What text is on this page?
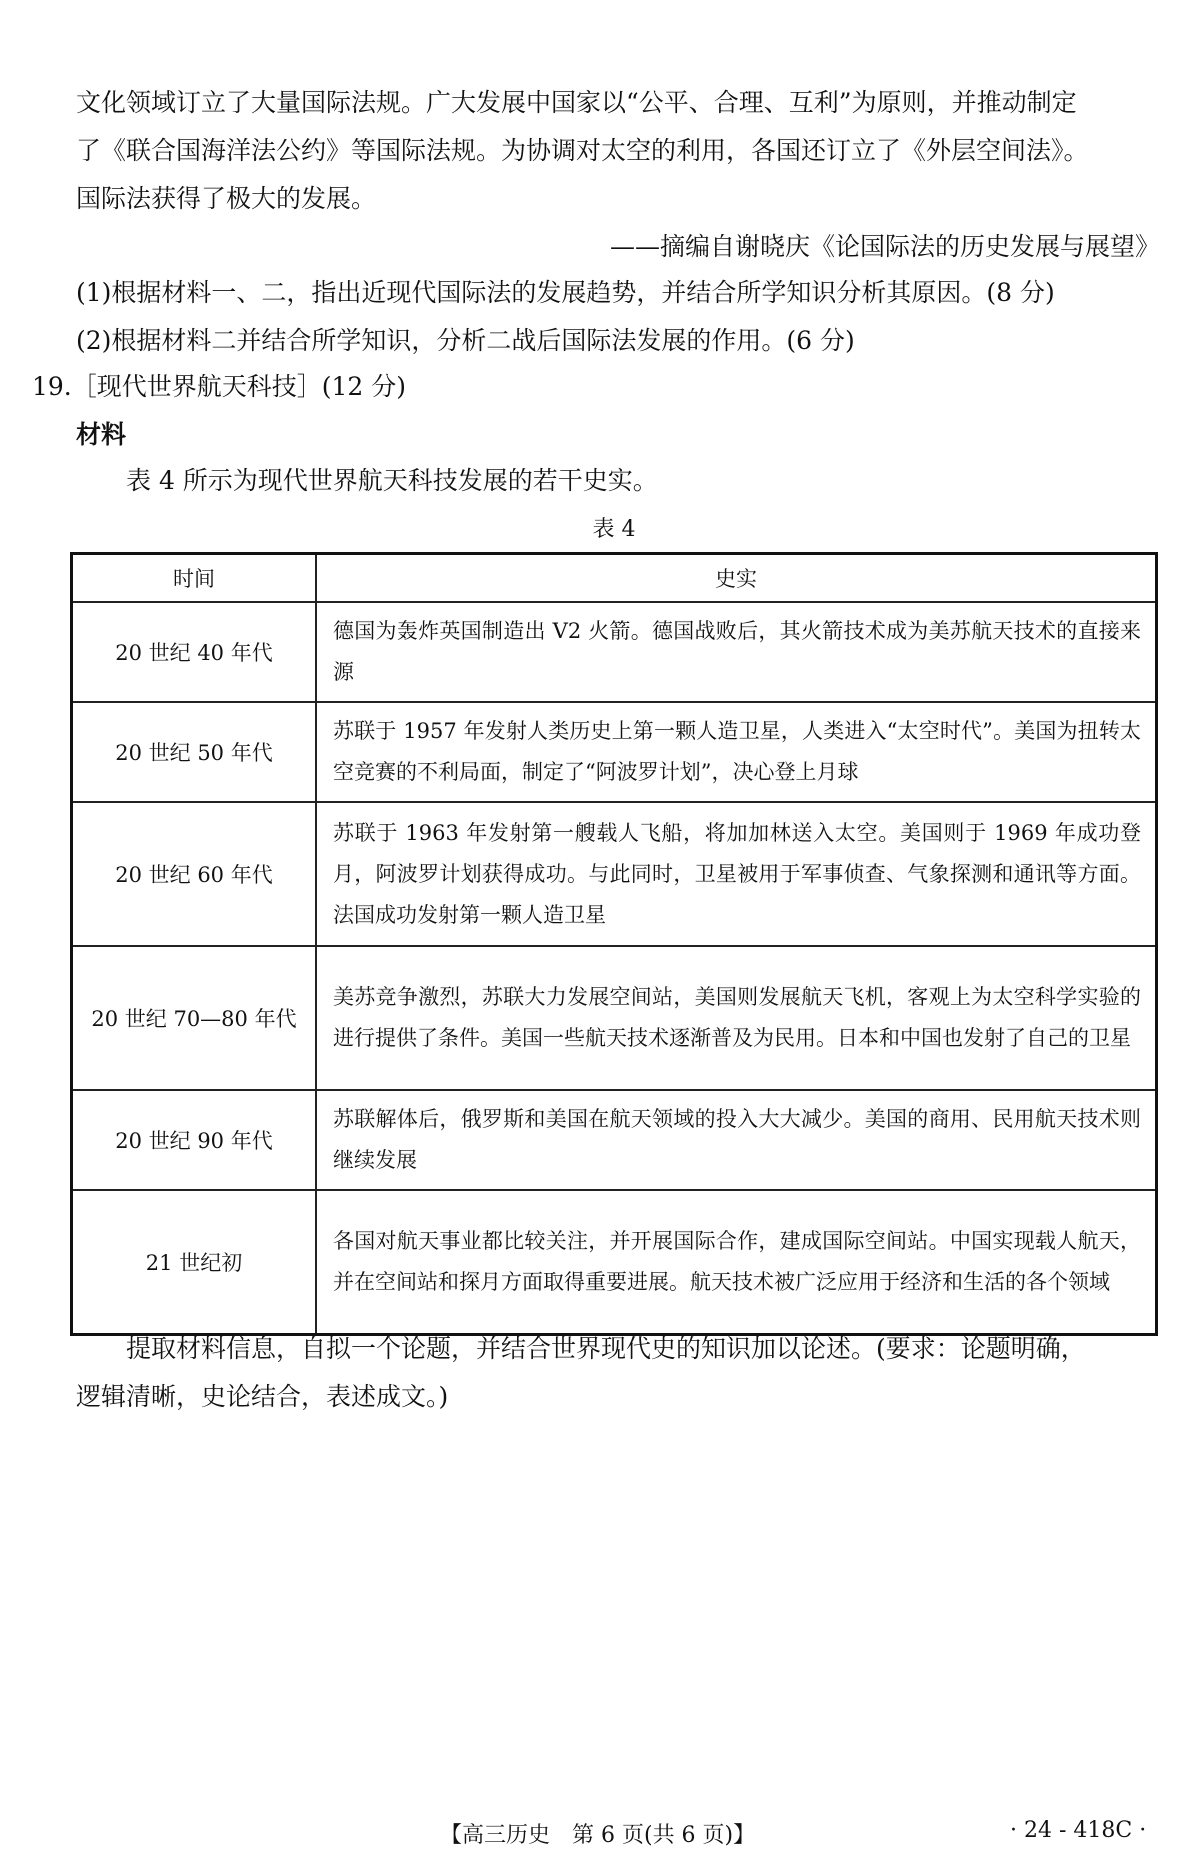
文化领域订立了大量国际法规。广大发展中国家以“公平、合理、互利”为原则，并推动制定
了《联合国海洋法公约》等国际法规。为协调对太空的利用，各国还订立了《外层空间法》。
国际法获得了极大的发展。
——摘编自谢晓庆《论国际法的历史发展与展望》
(1)根据材料一、二，指出近现代国际法的发展趋势，并结合所学知识分析其原因。(8 分)
(2)根据材料二并结合所学知识，分析二战后国际法发展的作用。(6 分)
19.［现代世界航天科技］(12 分)
材料
表 4 所示为现代世界航天科技发展的若干史实。
表 4
时间	史实
20 世纪 40 年代	德国为轰炸英国制造出 V2 火箭。德国战败后，其火箭技术成为美苏航天技术的直接来源
20 世纪 50 年代	苏联于 1957 年发射人类历史上第一颗人造卫星，人类进入“太空时代”。美国为扭转太空竞赛的不利局面，制定了“阿波罗计划”，决心登上月球
20 世纪 60 年代	苏联于 1963 年发射第一艘载人飞船，将加加林送入太空。美国则于 1969 年成功登月，阿波罗计划获得成功。与此同时，卫星被用于军事侦查、气象探测和通讯等方面。法国成功发射第一颗人造卫星
20 世纪 70—80 年代	美苏竞争激烈，苏联大力发展空间站，美国则发展航天飞机，客观上为太空科学实验的进行提供了条件。美国一些航天技术逐渐普及为民用。日本和中国也发射了自己的卫星
20 世纪 90 年代	苏联解体后，俄罗斯和美国在航天领域的投入大大减少。美国的商用、民用航天技术则继续发展
21 世纪初	各国对航天事业都比较关注，并开展国际合作，建成国际空间站。中国实现载人航天，并在空间站和探月方面取得重要进展。航天技术被广泛应用于经济和生活的各个领域
提取材料信息，自拟一个论题，并结合世界现代史的知识加以论述。(要求：论题明确，
逻辑清晰，史论结合，表述成文。)
【高三历史　第 6 页(共 6 页)】	· 24 - 418C ·
